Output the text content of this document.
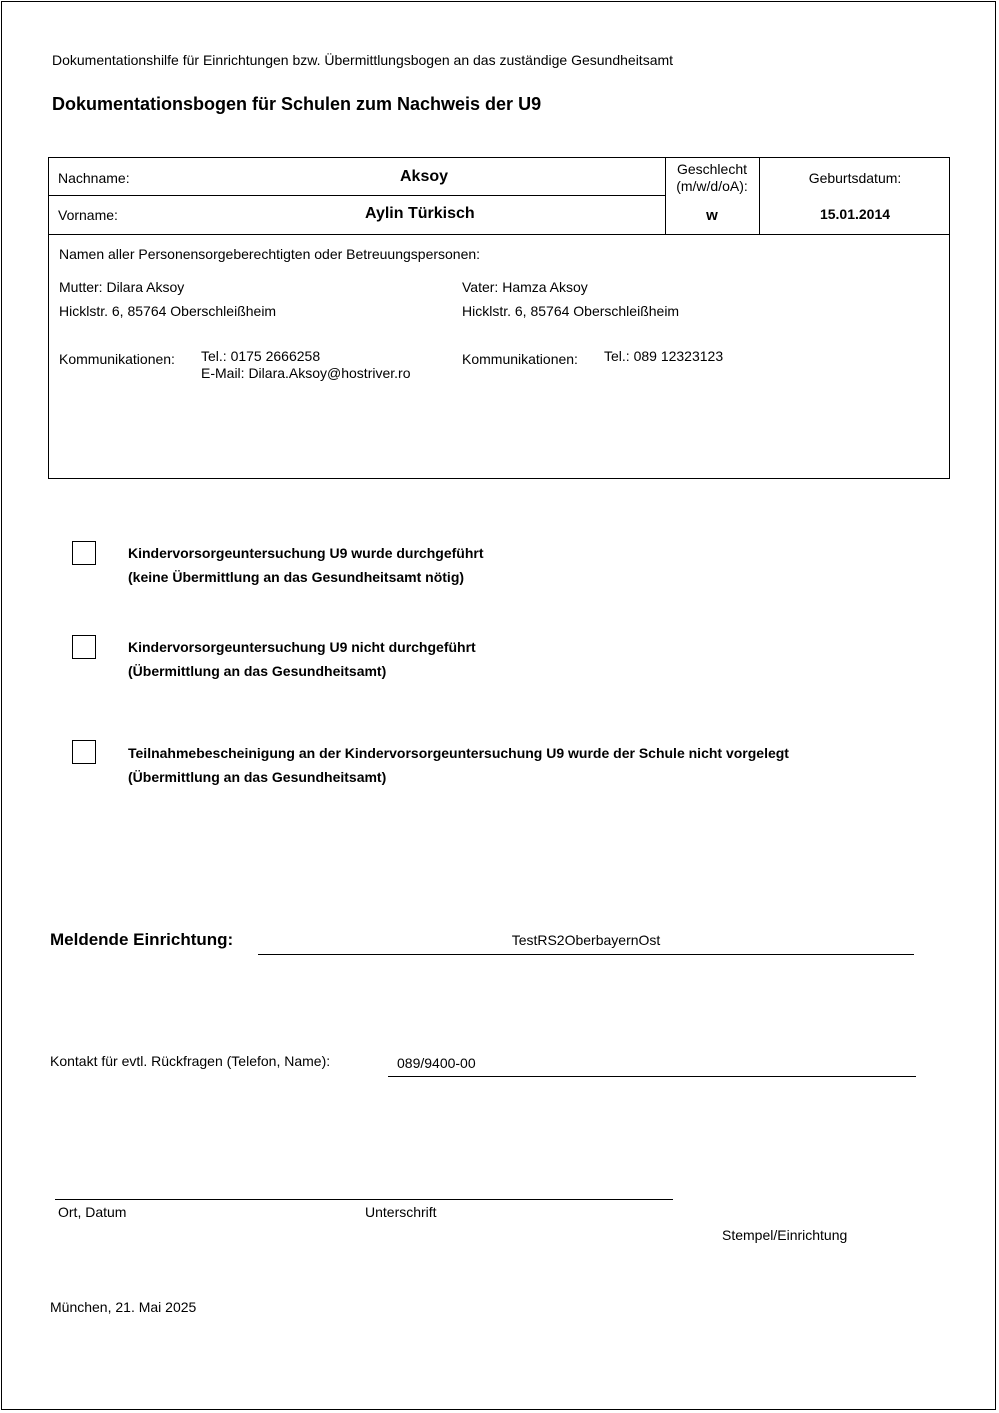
Dokumentationshilfe für Einrichtungen bzw. Übermittlungsbogen an das zuständige Gesundheitsamt
Dokumentationsbogen für Schulen zum Nachweis der U9
Nachname:	Aksoy
Vorname:	Aylin Türkisch
Geschlecht
(m/w/d/oA):
w
Geburtsdatum:
15.01.2014
Namen aller Personensorgeberechtigten oder Betreuungspersonen:
Mutter: Dilara Aksoy
Hicklstr. 6, 85764 Oberschleißheim
Kommunikationen: Tel.: 0175 2666258
E-Mail: Dilara.Aksoy@hostriver.ro
Vater: Hamza Aksoy
Hicklstr. 6, 85764 Oberschleißheim
Kommunikationen: Tel.: 089 12323123
Kindervorsorgeuntersuchung U9 wurde durchgeführt
(keine Übermittlung an das Gesundheitsamt nötig)
Kindervorsorgeuntersuchung U9 nicht durchgeführt
(Übermittlung an das Gesundheitsamt)
Teilnahmebescheinigung an der Kindervorsorgeuntersuchung U9 wurde der Schule nicht vorgelegt
(Übermittlung an das Gesundheitsamt)
Meldende Einrichtung:	TestRS2OberbayernOst
Kontakt für evtl. Rückfragen (Telefon, Name):	089/9400-00
Ort, Datum	Unterschrift
Stempel/Einrichtung
München, 21. Mai 2025
